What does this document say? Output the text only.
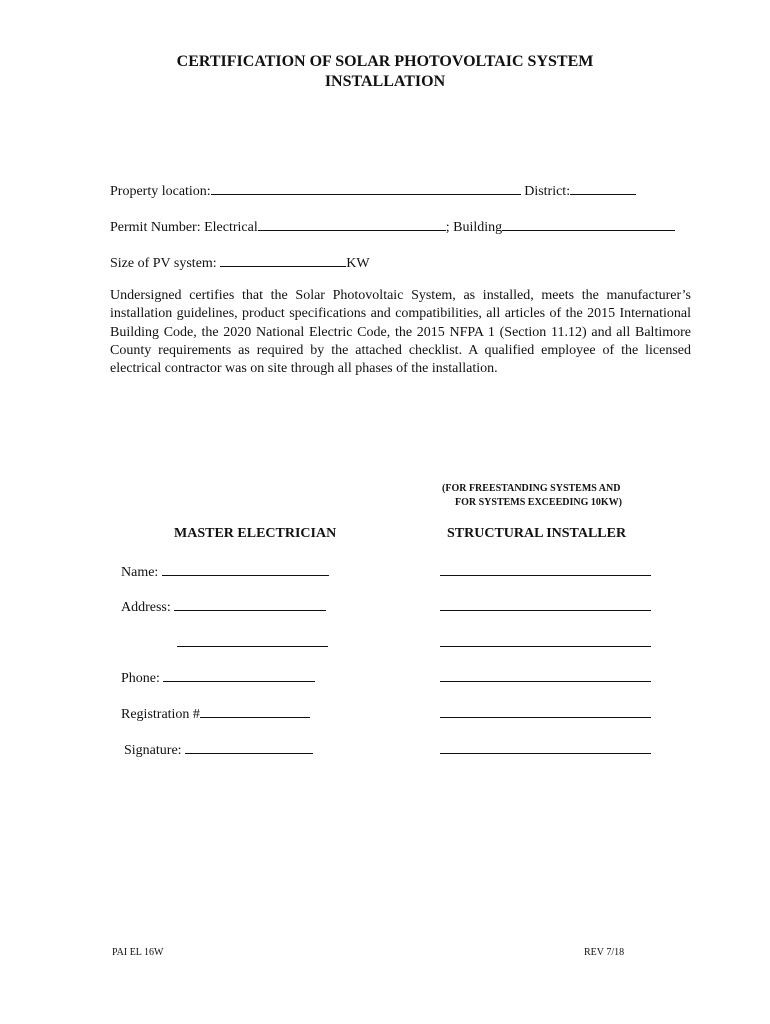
CERTIFICATION OF SOLAR PHOTOVOLTAIC SYSTEM
INSTALLATION
Property location:	District:
Permit Number: Electrical	; Building
Size of PV system:	KW
Undersigned certifies that the Solar Photovoltaic System, as installed, meets the manufacturer’s installation guidelines, product specifications and compatibilities, all articles of the 2015 International Building Code, the 2020 National Electric Code, the 2015 NFPA 1 (Section 11.12) and all Baltimore County requirements as required by the attached checklist. A qualified employee of the licensed electrical contractor was on site through all phases of the installation.
(FOR FREESTANDING SYSTEMS AND
FOR SYSTEMS EXCEEDING 10KW)
MASTER ELECTRICIAN	STRUCTURAL INSTALLER
Name:
Address:
Phone:
Registration #
Signature:
PAI EL 16W	REV 7/18
